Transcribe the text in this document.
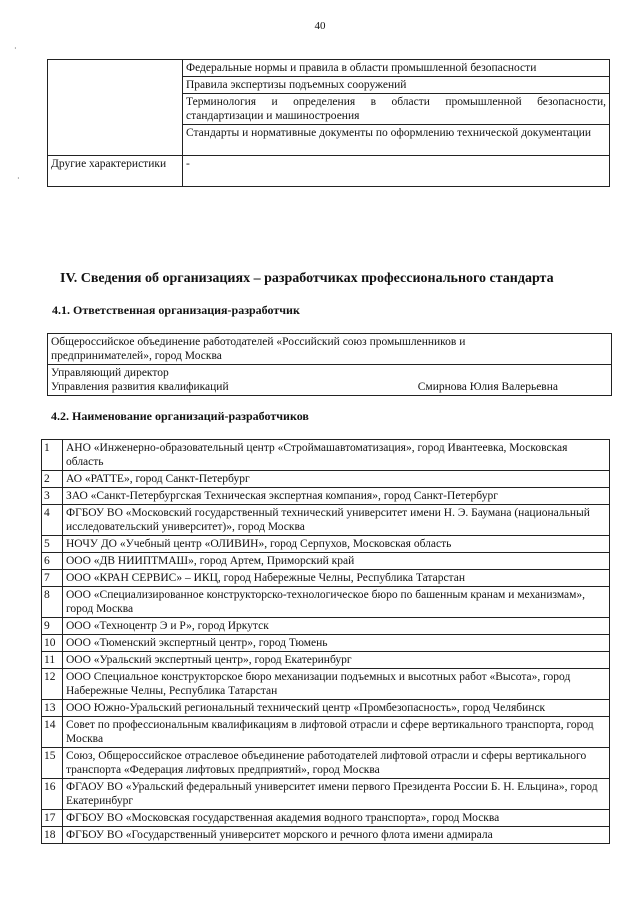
40
·
·
	Федеральные нормы и правила в области промышленной безопасности
	Правила экспертизы подъемных сооружений
	Терминология и определения в области промышленной безопасности, стандартизации и машиностроения
	Стандарты и нормативные документы по оформлению технической документации
Другие характеристики	-
IV. Сведения об организациях – разработчиках профессионального стандарта
4.1. Ответственная организация-разработчик
Общероссийское объединение работодателей «Российский союз промышленников и предпринимателей», город Москва
Управляющий директор
Управления развития квалификаций	Смирнова Юлия Валерьевна
4.2. Наименование организаций-разработчиков
1	АНО «Инженерно-образовательный центр «Строймашавтоматизация», город Ивантеевка, Московская область
2	АО «РАТТЕ», город Санкт-Петербург
3	ЗАО «Санкт-Петербургская Техническая экспертная компания», город Санкт-Петербург
4	ФГБОУ ВО «Московский государственный технический университет имени Н. Э. Баумана (национальный исследовательский университет)», город Москва
5	НОЧУ ДО «Учебный центр «ОЛИВИН», город Серпухов, Московская область
6	ООО «ДВ НИИПТМАШ», город Артем, Приморский край
7	ООО «КРАН СЕРВИС» – ИКЦ, город Набережные Челны, Республика Татарстан
8	ООО «Специализированное конструкторско-технологическое бюро по башенным кранам и механизмам», город Москва
9	ООО «Техноцентр Э и Р», город Иркутск
10	ООО «Тюменский экспертный центр», город Тюмень
11	ООО «Уральский экспертный центр», город Екатеринбург
12	ООО Специальное конструкторское бюро механизации подъемных и высотных работ «Высота», город Набережные Челны, Республика Татарстан
13	ООО Южно-Уральский региональный технический центр «Промбезопасность», город Челябинск
14	Совет по профессиональным квалификациям в лифтовой отрасли и сфере вертикального транспорта, город Москва
15	Союз, Общероссийское отраслевое объединение работодателей лифтовой отрасли и сферы вертикального транспорта «Федерация лифтовых предприятий», город Москва
16	ФГАОУ ВО «Уральский федеральный университет имени первого Президента России Б. Н. Ельцина», город Екатеринбург
17	ФГБОУ ВО «Московская государственная академия водного транспорта», город Москва
18	ФГБОУ ВО «Государственный университет морского и речного флота имени адмирала
